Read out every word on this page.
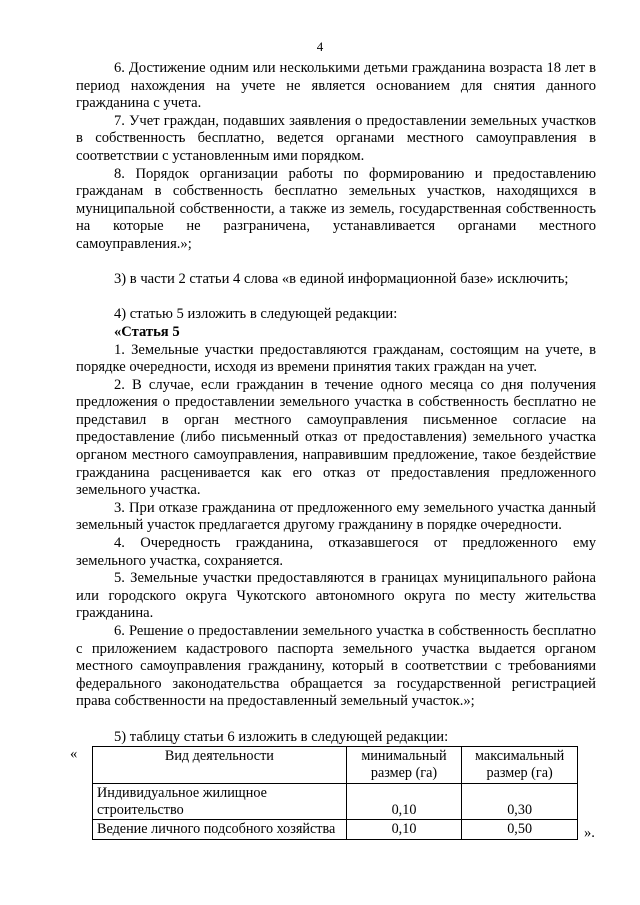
4

6. Достижение одним или несколькими детьми гражданина возраста 18 лет в период нахождения на учете не является основанием для снятия данного гражданина с учета.

7. Учет граждан, подавших заявления о предоставлении земельных участков в собственность бесплатно, ведется органами местного самоуправления в соответствии с установленным ими порядком.

8. Порядок организации работы по формированию и предоставлению гражданам в собственность бесплатно земельных участков, находящихся в муниципальной собственности, а также из земель, государственная собственность на которые не разграничена, устанавливается органами местного самоуправления.»;

3) в части 2 статьи 4 слова «в единой информационной базе» исключить;

4) статью 5 изложить в следующей редакции:

«Статья 5

1. Земельные участки предоставляются гражданам, состоящим на учете, в порядке очередности, исходя из времени принятия таких граждан на учет.

2. В случае, если гражданин в течение одного месяца со дня получения предложения о предоставлении земельного участка в собственность бесплатно не представил в орган местного самоуправления письменное согласие на предоставление (либо письменный отказ от предоставления) земельного участка органом местного самоуправления, направившим предложение, такое бездействие гражданина расценивается как его отказ от предоставления предложенного земельного участка.

3. При отказе гражданина от предложенного ему земельного участка данный земельный участок предлагается другому гражданину в порядке очередности.

4. Очередность гражданина, отказавшегося от предложенного ему земельного участка, сохраняется.

5. Земельные участки предоставляются в границах муниципального района или городского округа Чукотского автономного округа по месту жительства гражданина.

6. Решение о предоставлении земельного участка в собственность бесплатно с приложением кадастрового паспорта земельного участка выдается органом местного самоуправления гражданину, который в соответствии с требованиями федерального законодательства обращается за государственной регистрацией права собственности на предоставленный земельный участок.»;

5) таблицу статьи 6 изложить в следующей редакции:

«	Вид деятельности	минимальный размер (га)	максимальный размер (га)
Индивидуальное жилищное строительство	0,10	0,30
Ведение личного подсобного хозяйства	0,10	0,50	».
